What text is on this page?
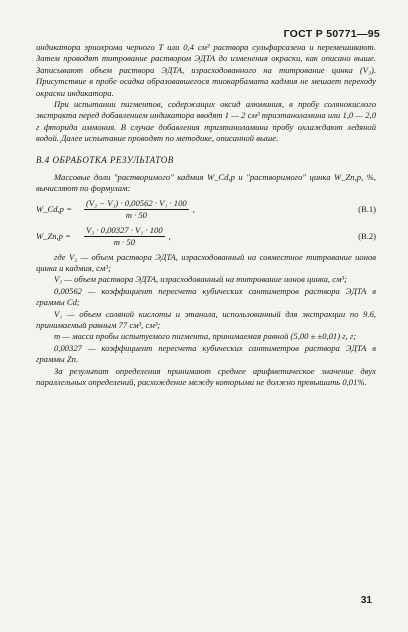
ГОСТ Р 50771—95

индикатора эриохрома черного Т или 0,4 см³ раствора сульфарсазена и перемешивают. Затем проводят титрование раствором ЭДТА до изменения окраски, как описано выше. Записывают объем раствора ЭДТА, израсходованного на титрование цинка (V₃). Присутствие в пробе осадка образовавшегося тиокарбамата кадмия не мешает переходу окраски индикатора.

При испытании пигментов, содержащих оксид алюминия, в пробу солянокислого экстракта перед добавлением индикатора вводят 1 — 2 см³ триэтаноламина или 1,0 — 2,0 г фторида аммония. В случае добавления триэтаноламина пробу охлаждают ледяной водой. Далее испытание проводят по методике, описанной выше.

В.4 ОБРАБОТКА РЕЗУЛЬТАТОВ

Массовые доли "растворимого" кадмия W_Cd,p и "растворимого" цинка W_Zn,p, %, вычисляют по формулам:

W_Cd,p =	$\frac{\text{(V₂ − V₃) · 0,00562 · V₁ · 100}}{m \cdot 50}$ ,	(В.1)
W_Zn,p =	$\frac{\text{V₃ · 0,00327 · V₁ · 100}}{m \cdot 50}$ ,	(В.2)

где V₂ — объем раствора ЭДТА, израсходованный на совместное титрование ионов цинка и кадмия, см³;

V₃ — объем раствора ЭДТА, израсходованный на титрование ионов цинка, см³;

0,00562 — коэффициент пересчета кубических сантиметров раствора ЭДТА в граммы Cd;

V₁ — объем соляной кислоты и этанола, использованный для экстракции по 9.6, принимаемый равным 77 см³, см³;

m — масса пробы испытуемого пигмента, принимаемая равной (5,00 ± ±0,01) г, г;

0,00327 — коэффициент пересчета кубических сантиметров раствора ЭДТА в граммы Zn.

За результат определения принимают среднее арифметическое значение двух параллельных определений, расхождение между которыми не должно превышать 0,01%.

31
